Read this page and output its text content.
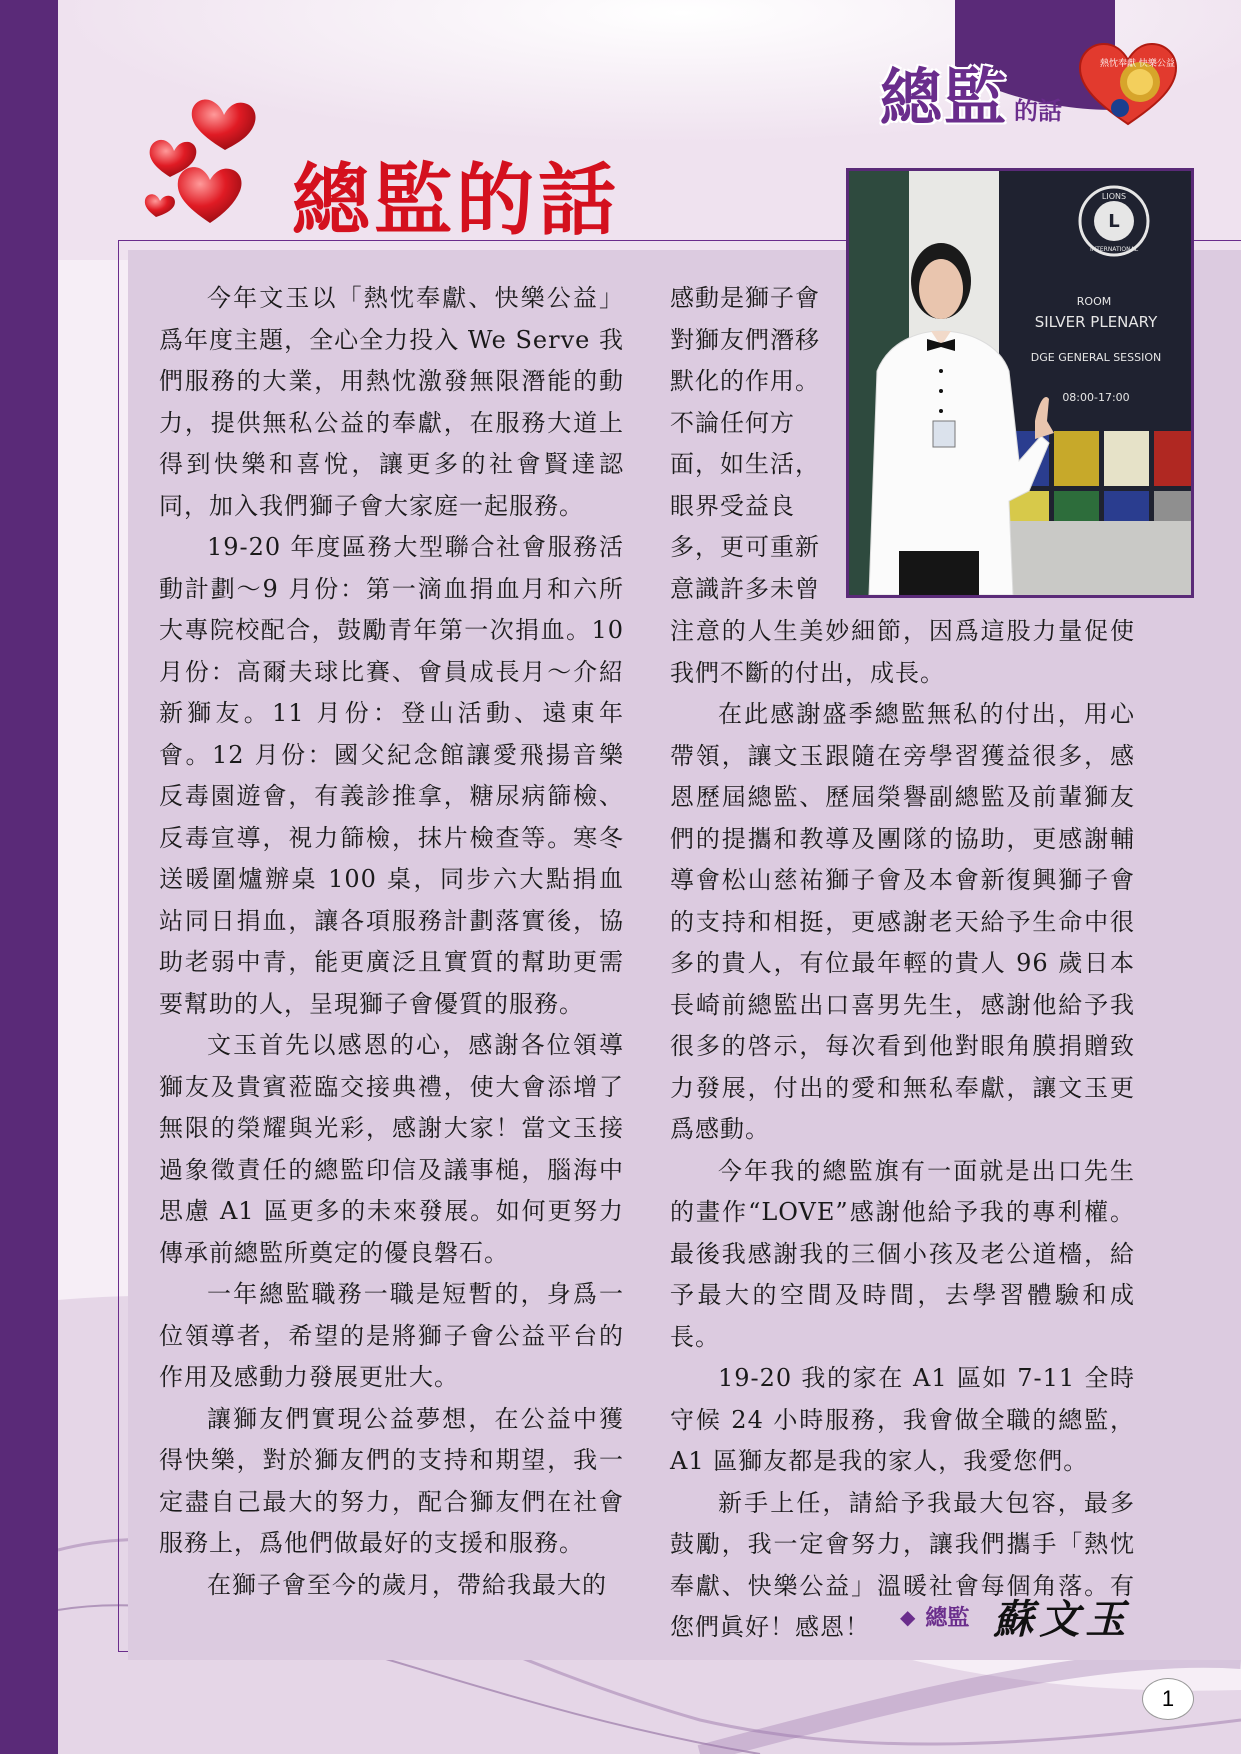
總監 的話
熱忱奉獻 快樂公益
總監的話	L
LIONS
INTERNATIONAL
ROOM
SILVER PLENARY
DGE GENERAL SESSION
08:00-17:00

今年文玉以「熱忱奉獻、快樂公益」爲年度主題，全心全力投入 We Serve 我們服務的大業，用熱忱激發無限潛能的動力，提供無私公益的奉獻，在服務大道上得到快樂和喜悅，讓更多的社會賢達認同，加入我們獅子會大家庭一起服務。

19-20 年度區務大型聯合社會服務活動計劃～9 月份：第一滴血捐血月和六所大專院校配合，鼓勵青年第一次捐血。10 月份：高爾夫球比賽、會員成長月～介紹新獅友。11 月份：登山活動、遠東年會。12 月份：國父紀念館讓愛飛揚音樂反毒園遊會，有義診推拿，糖尿病篩檢、反毒宣導，視力篩檢，抹片檢查等。寒冬送暖圍爐辦桌 100 桌，同步六大點捐血站同日捐血，讓各項服務計劃落實後，協助老弱中青，能更廣泛且實質的幫助更需要幫助的人，呈現獅子會優質的服務。

文玉首先以感恩的心，感謝各位領導獅友及貴賓蒞臨交接典禮，使大會添增了無限的榮耀與光彩，感謝大家！當文玉接過象徵責任的總監印信及議事槌，腦海中思慮 A1 區更多的未來發展。如何更努力傳承前總監所奠定的優良磐石。

一年總監職務一職是短暫的，身爲一位領導者，希望的是將獅子會公益平台的作用及感動力發展更壯大。

讓獅友們實現公益夢想，在公益中獲得快樂，對於獅友們的支持和期望，我一定盡自己最大的努力，配合獅友們在社會服務上，爲他們做最好的支援和服務。

在獅子會至今的歲月，帶給我最大的

感動是獅子會
對獅友們潛移
默化的作用。
不論任何方
面，如生活，
眼界受益良
多，更可重新
意識許多未曾

注意的人生美妙細節，因爲這股力量促使我們不斷的付出，成長。

在此感謝盛季總監無私的付出，用心帶領，讓文玉跟隨在旁學習獲益很多，感恩歷屆總監、歷屆榮譽副總監及前輩獅友們的提攜和教導及團隊的協助，更感謝輔導會松山慈祐獅子會及本會新復興獅子會的支持和相挺，更感謝老天給予生命中很多的貴人，有位最年輕的貴人 96 歲日本長崎前總監出口喜男先生，感謝他給予我很多的啓示，每次看到他對眼角膜捐贈致力發展，付出的愛和無私奉獻，讓文玉更爲感動。

今年我的總監旗有一面就是出口先生的畫作“LOVE”感謝他給予我的專利權。最後我感謝我的三個小孩及老公道檣，給予最大的空間及時間，去學習體驗和成長。

19-20 我的家在 A1 區如 7-11 全時守候 24 小時服務，我會做全職的總監，A1 區獅友都是我的家人，我愛您們。

新手上任，請給予我最大包容，最多鼓勵，我一定會努力，讓我們攜手「熱忱奉獻、快樂公益」溫暖社會每個角落。有您們眞好！感恩！	◆ 總監 蘇文玉
1
